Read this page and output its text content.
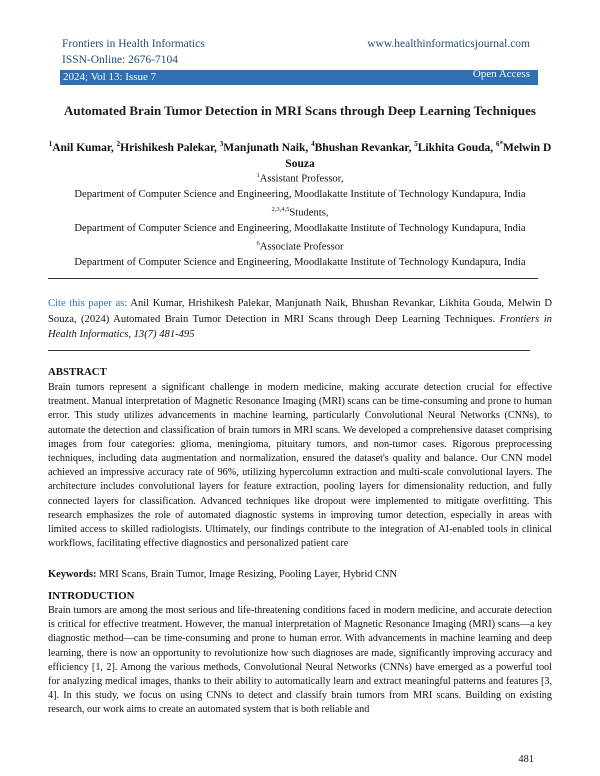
Frontiers in Health Informatics
ISSN-Online: 2676-7104
www.healthinformaticsjournal.com
2024; Vol 13: Issue 7	Open Access
Automated Brain Tumor Detection in MRI Scans through Deep Learning Techniques
$^1$Anil Kumar, $^2$Hrishikesh Palekar, $^3$Manjunath Naik, $^4$Bhushan Revankar, $^5$Likhita Gouda, $^{6*}$Melwin D Souza
$^1$Assistant Professor,
Department of Computer Science and Engineering, Moodlakatte Institute of Technology Kundapura, India
$^{2,3,4,5}$Students,
Department of Computer Science and Engineering, Moodlakatte Institute of Technology Kundapura, India
$^6$Associate Professor
Department of Computer Science and Engineering, Moodlakatte Institute of Technology Kundapura, India
Cite this paper as: Anil Kumar, Hrishikesh Palekar, Manjunath Naik, Bhushan Revankar, Likhita Gouda, Melwin D Souza, (2024) Automated Brain Tumor Detection in MRI Scans through Deep Learning Techniques. Frontiers in Health Informatics, 13(7) 481-495
ABSTRACT
Brain tumors represent a significant challenge in modern medicine, making accurate detection crucial for effective treatment. Manual interpretation of Magnetic Resonance Imaging (MRI) scans can be time-consuming and prone to human error. This study utilizes advancements in machine learning, particularly Convolutional Neural Networks (CNNs), to automate the detection and classification of brain tumors in MRI scans. We developed a comprehensive dataset comprising images from four categories: glioma, meningioma, pituitary tumors, and non-tumor cases. Rigorous preprocessing techniques, including data augmentation and normalization, ensured the dataset's quality and balance. Our CNN model achieved an impressive accuracy rate of 96%, utilizing hypercolumn extraction and multi-scale convolutional layers. The architecture includes convolutional layers for feature extraction, pooling layers for dimensionality reduction, and fully connected layers for classification. Advanced techniques like dropout were implemented to mitigate overfitting. This research emphasizes the role of automated diagnostic systems in improving tumor detection, especially in areas with limited access to skilled radiologists. Ultimately, our findings contribute to the integration of AI-enabled tools in clinical workflows, facilitating effective diagnostics and personalized patient care
Keywords: MRI Scans, Brain Tumor, Image Resizing, Pooling Layer, Hybrid CNN
INTRODUCTION
Brain tumors are among the most serious and life-threatening conditions faced in modern medicine, and accurate detection is critical for effective treatment. However, the manual interpretation of Magnetic Resonance Imaging (MRI) scans—a key diagnostic method—can be time-consuming and prone to human error. With advancements in machine learning and deep learning, there is now an opportunity to revolutionize how such diagnoses are made, significantly improving accuracy and efficiency [1, 2]. Among the various methods, Convolutional Neural Networks (CNNs) have emerged as a powerful tool for analyzing medical images, thanks to their ability to automatically learn and extract meaningful patterns and features [3, 4]. In this study, we focus on using CNNs to detect and classify brain tumors from MRI scans. Building on existing research, our work aims to create an automated system that is both reliable and
481
